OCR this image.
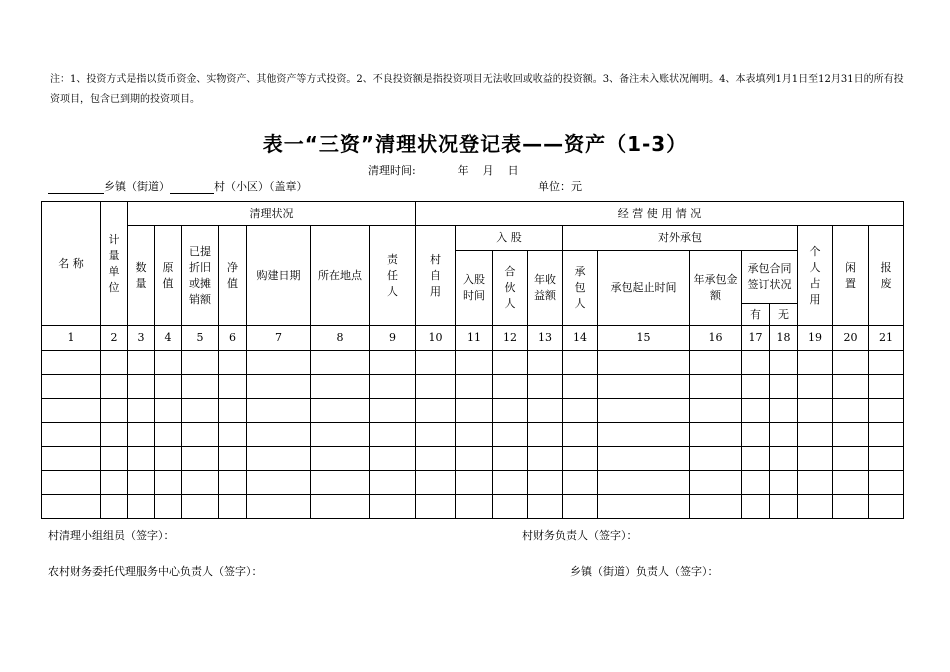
注：1、投资方式是指以货币资金、实物资产、其他资产等方式投资。2、不良投资额是指投资项目无法收回或收益的投资额。3、备注未入账状况阐明。4、本表填列1月1日至12月31日的所有投资项目，包含已到期的投资项目。
表一“三资”清理状况登记表——资产（1-3）
清理时间:            年    月    日
乡镇（街道）	村（小区）（盖章）	单位：元
名 称	计量单位	清理状况							经 营 使 用 情 况											
		数量	原值	已提折旧或摊销额	净值	购建日期	所在地点	责任人	村自用	入 股			对外承包					个人占用	闲置	报废
										入股时间	合伙人	年收益额	承包人	承包起止时间	年承包金额	承包合同签订状况				
																有	无			
1	2	3	4	5	6	7	8	9	10	11	12	13	14	15	16	17	18	19	20	21

村清理小组组员（签字）：	村财务负责人（签字）：
农村财务委托代理服务中心负责人（签字）：	乡镇（街道）负责人（签字）：
